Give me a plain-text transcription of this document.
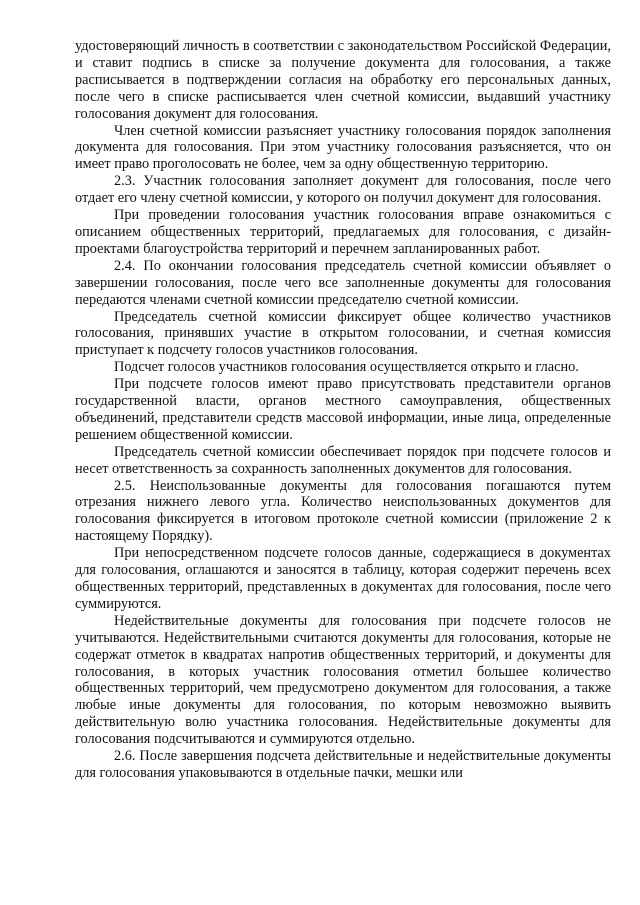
удостоверяющий личность в соответствии с законодательством Российской Федерации, и ставит подпись в списке за получение документа для голосования, а также расписывается в подтверждении согласия на обработку его персональных данных, после чего в списке расписывается член счетной комиссии, выдавший участнику голосования документ для голосования.

Член счетной комиссии разъясняет участнику голосования порядок заполнения документа для голосования. При этом участнику голосования разъясняется, что он имеет право проголосовать не более, чем за одну общественную территорию.

2.3. Участник голосования заполняет документ для голосования, после чего отдает его члену счетной комиссии, у которого он получил документ для голосования.

При проведении голосования участник голосования вправе ознакомиться с описанием общественных территорий, предлагаемых для голосования, с дизайн-проектами благоустройства территорий и перечнем запланированных работ.

2.4. По окончании голосования председатель счетной комиссии объявляет о завершении голосования, после чего все заполненные документы для голосования передаются членами счетной комиссии председателю счетной комиссии.

Председатель счетной комиссии фиксирует общее количество участников голосования, принявших участие в открытом голосовании, и счетная комиссия приступает к подсчету голосов участников голосования.

Подсчет голосов участников голосования осуществляется открыто и гласно.

При подсчете голосов имеют право присутствовать представители органов государственной власти, органов местного самоуправления, общественных объединений, представители средств массовой информации, иные лица, определенные решением общественной комиссии.

Председатель счетной комиссии обеспечивает порядок при подсчете голосов и несет ответственность за сохранность заполненных документов для голосования.

2.5. Неиспользованные документы для голосования погашаются путем отрезания нижнего левого угла. Количество неиспользованных документов для голосования фиксируется в итоговом протоколе счетной комиссии (приложение 2 к настоящему Порядку).

При непосредственном подсчете голосов данные, содержащиеся в документах для голосования, оглашаются и заносятся в таблицу, которая содержит перечень всех общественных территорий, представленных в документах для голосования, после чего суммируются.

Недействительные документы для голосования при подсчете голосов не учитываются. Недействительными считаются документы для голосования, которые не содержат отметок в квадратах напротив общественных территорий, и документы для голосования, в которых участник голосования отметил большее количество общественных территорий, чем предусмотрено документом для голосования, а также любые иные документы для голосования, по которым невозможно выявить действительную волю участника голосования. Недействительные документы для голосования подсчитываются и суммируются отдельно.

2.6. После завершения подсчета действительные и недействительные документы для голосования упаковываются в отдельные пачки, мешки или
